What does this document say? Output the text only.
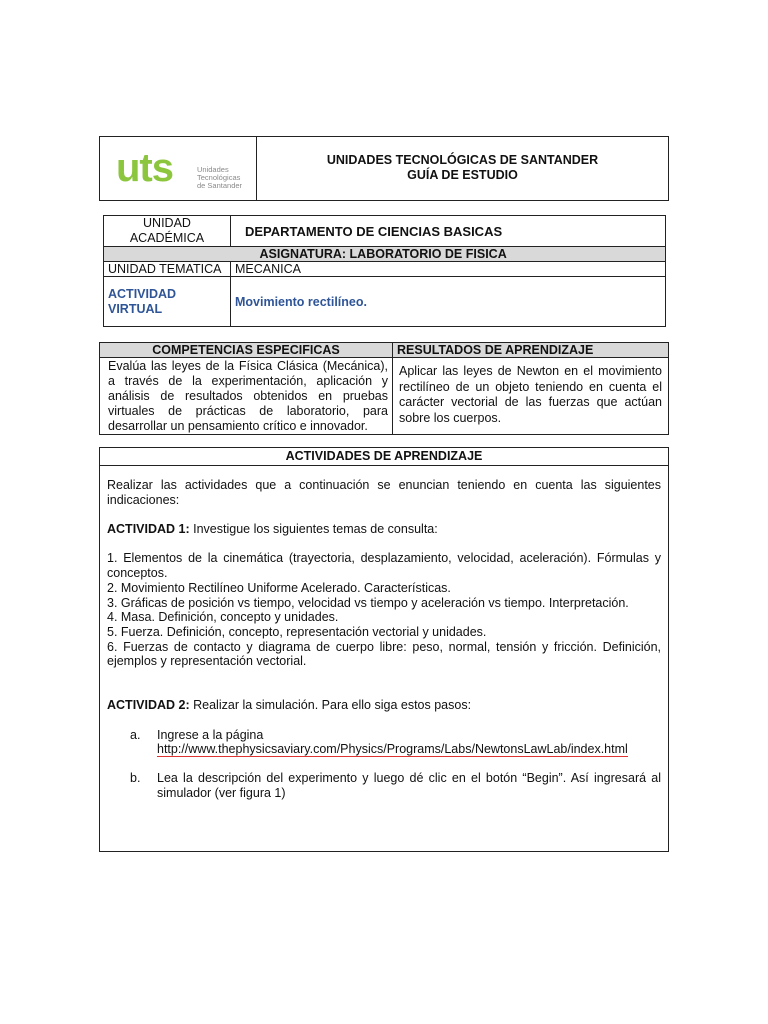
uts	Unidades
Tecnológicas
de Santander
UNIDADES TECNOLÓGICAS DE SANTANDER
GUÍA DE ESTUDIO
UNIDAD ACADÉMICA	DEPARTAMENTO DE CIENCIAS BASICAS
	ASIGNATURA: LABORATORIO DE FISICA
UNIDAD TEMATICA	MECANICA
ACTIVIDAD VIRTUAL	Movimiento rectilíneo.
COMPETENCIAS ESPECIFICAS	RESULTADOS DE APRENDIZAJE
Evalúa las leyes de la Física Clásica (Mecánica), a través de la experimentación, aplicación y análisis de resultados obtenidos en pruebas virtuales de prácticas de laboratorio, para desarrollar un pensamiento crítico e innovador.	Aplicar las leyes de Newton en el movimiento rectilíneo de un objeto teniendo en cuenta el carácter vectorial de las fuerzas que actúan sobre los cuerpos.
ACTIVIDADES DE APRENDIZAJE

Realizar las actividades que a continuación se enuncian teniendo en cuenta las siguientes indicaciones:

ACTIVIDAD 1: Investigue los siguientes temas de consulta:

1. Elementos de la cinemática (trayectoria, desplazamiento, velocidad, aceleración). Fórmulas y conceptos.
2. Movimiento Rectilíneo Uniforme Acelerado. Características.
3. Gráficas de posición vs tiempo, velocidad vs tiempo y aceleración vs tiempo. Interpretación.
4. Masa. Definición, concepto y unidades.
5. Fuerza. Definición, concepto, representación vectorial y unidades.
6. Fuerzas de contacto y diagrama de cuerpo libre: peso, normal, tensión y fricción. Definición, ejemplos y representación vectorial.

ACTIVIDAD 2: Realizar la simulación. Para ello siga estos pasos:

a.	Ingrese a la página
http://www.thephysicsaviary.com/Physics/Programs/Labs/NewtonsLawLab/index.html
b.	Lea la descripción del experimento y luego dé clic en el botón “Begin”. Así ingresará al simulador (ver figura 1)
